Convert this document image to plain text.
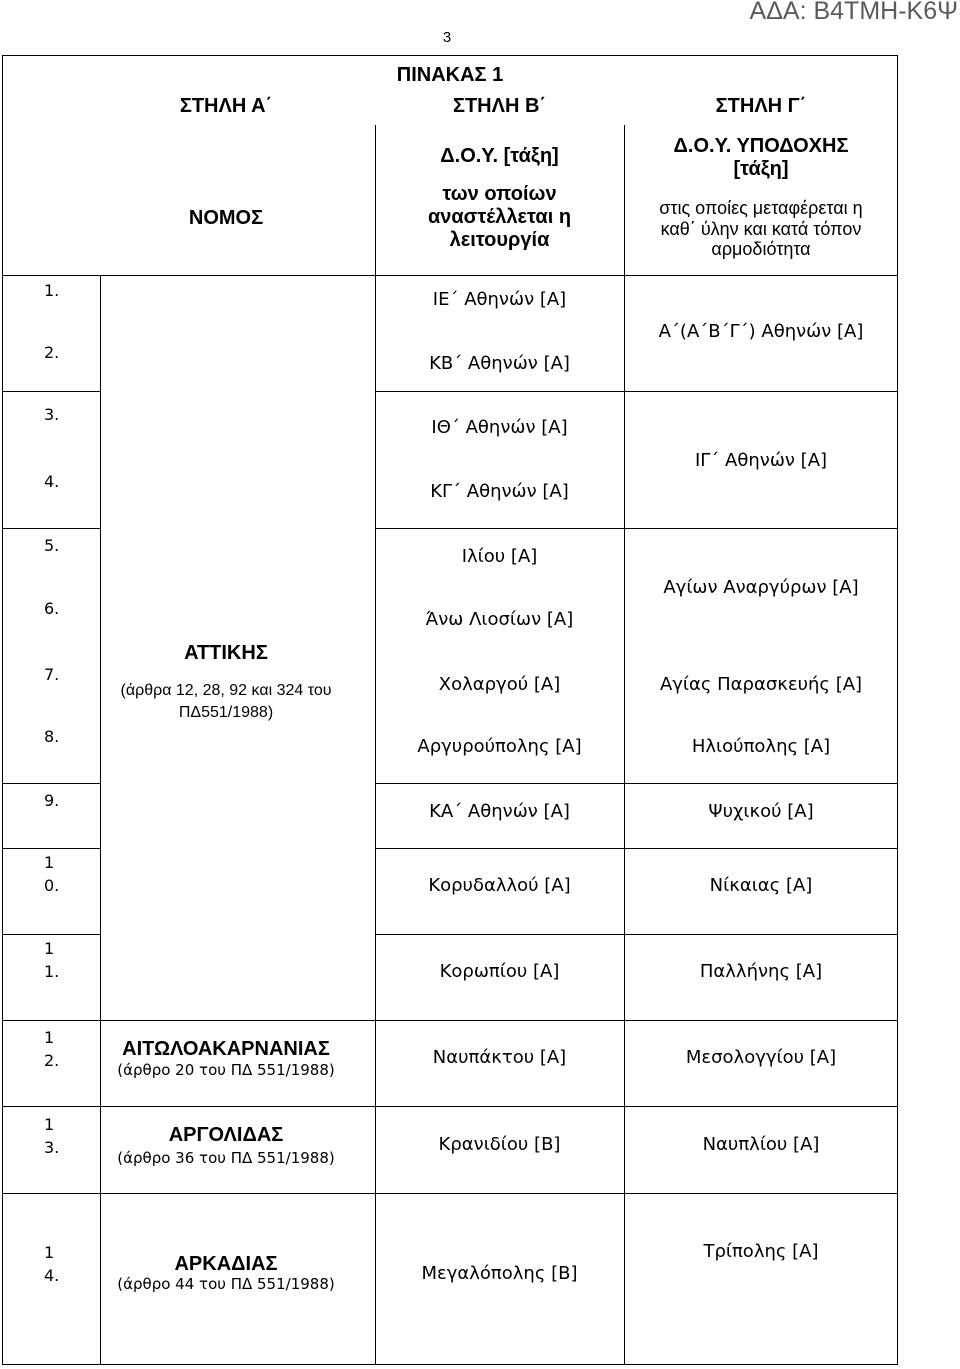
ΑΔΑ: Β4ΤΜΗ-Κ6Ψ
3
ΠΙΝΑΚΑΣ 1
ΣΤΗΛΗ Α΄	ΣΤΗΛΗ Β΄	ΣΤΗΛΗ Γ΄
ΝΟΜΟΣ
Δ.Ο.Υ. [τάξη]
των οποίων
αναστέλλεται η
λειτουργία
Δ.Ο.Υ. ΥΠΟΔΟΧΗΣ
[τάξη]
στις οποίες μεταφέρεται η
καθ΄ ύλην και κατά τόπον
αρμοδιότητα
1.
2.
3.
4.
5.
6.
7.
8.
9.
10.
11.
12.
13.
14.
ΑΤΤΙΚΗΣ
(άρθρα 12, 28, 92 και 324 του
ΠΔ551/1988)
ΑΙΤΩΛΟΑΚΑΡΝΑΝΙΑΣ
(άρθρο 20 του ΠΔ 551/1988)
ΑΡΓΟΛΙΔΑΣ
(άρθρο 36 του ΠΔ 551/1988)
ΑΡΚΑΔΙΑΣ
(άρθρο 44 του ΠΔ 551/1988)
ΙΕ΄ Αθηνών [Α]
ΚΒ΄ Αθηνών [Α]
ΙΘ΄ Αθηνών [Α]
ΚΓ΄ Αθηνών [Α]
Ιλίου [Α]
Άνω Λιοσίων [Α]
Χολαργού [Α]
Αργυρούπολης [Α]
ΚΑ΄ Αθηνών [Α]
Κορυδαλλού [Α]
Κορωπίου [Α]
Ναυπάκτου [Α]
Κρανιδίου [Β]
Μεγαλόπολης [Β]
Α΄(Α΄Β΄Γ΄) Αθηνών [Α]
ΙΓ΄ Αθηνών [Α]
Αγίων Αναργύρων [Α]
Αγίας Παρασκευής [Α]
Ηλιούπολης [Α]
Ψυχικού [Α]
Νίκαιας [Α]
Παλλήνης [Α]
Μεσολογγίου [Α]
Ναυπλίου [Α]
Τρίπολης [Α]
